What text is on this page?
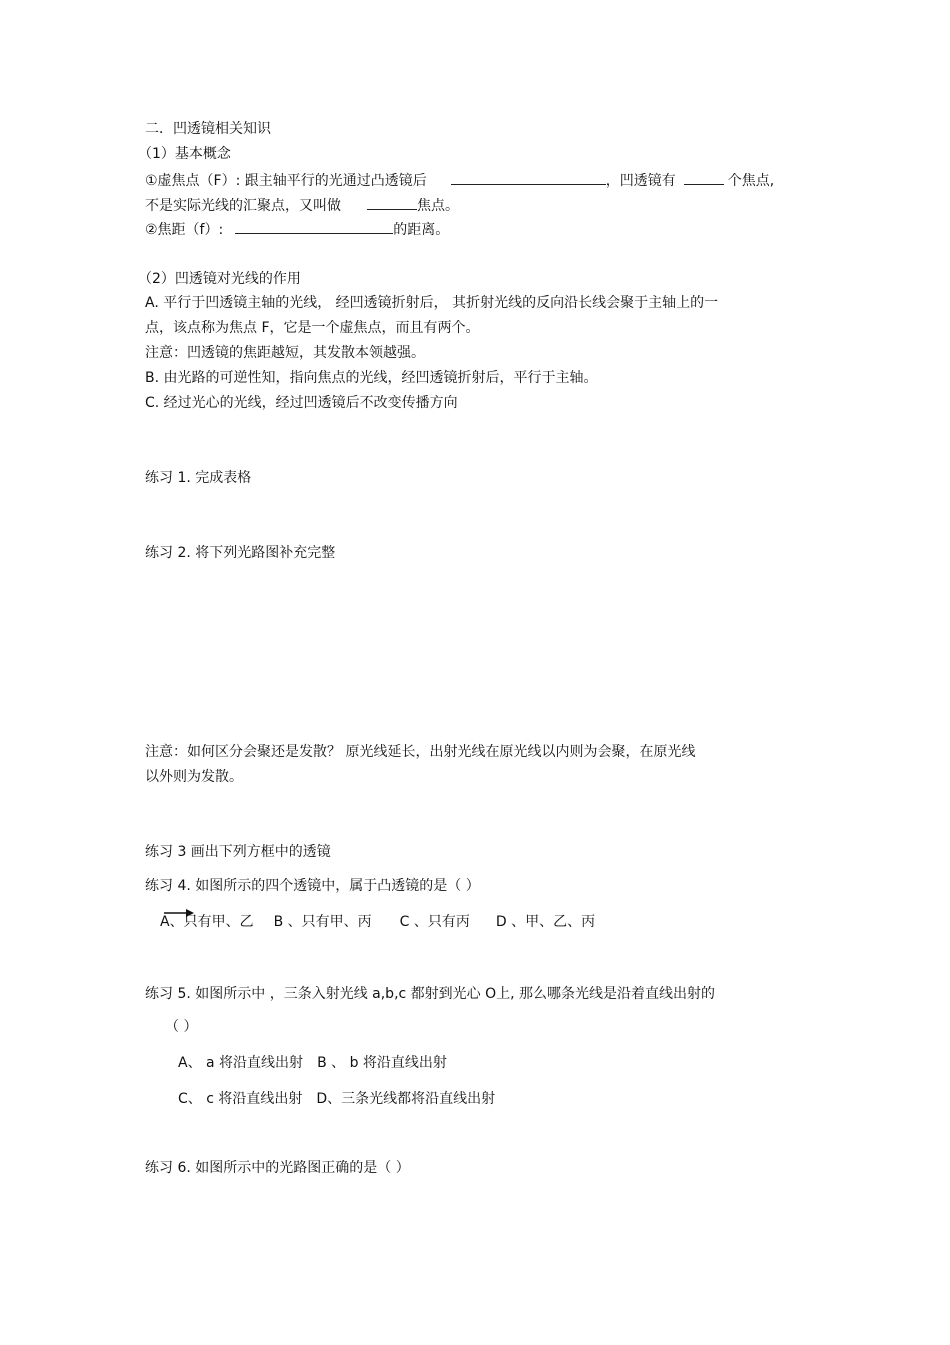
二．凹透镜相关知识
（1）基本概念
①虚焦点（F）: 跟主轴平行的光通过凸透镜后	，凹透镜有	个焦点,
不是实际光线的汇聚点，又叫做	焦点。
②焦距（f）:	的距离。
（2）凹透镜对光线的作用
A. 平行于凹透镜主轴的光线， 经凹透镜折射后， 其折射光线的反向沿长线会聚于主轴上的一
点，该点称为焦点 F，它是一个虚焦点，而且有两个。
注意：凹透镜的焦距越短，其发散本领越强。
B. 由光路的可逆性知，指向焦点的光线，经凹透镜折射后，平行于主轴。
C. 经过光心的光线，经过凹透镜后不改变传播方向
练习 1. 完成表格
练习 2. 将下列光路图补充完整
注意：如何区分会聚还是发散？ 原光线延长，出射光线在原光线以内则为会聚，在原光线
以外则为发散。
练习 3 画出下列方框中的透镜
练习 4. 如图所示的四个透镜中，属于凸透镜的是（ ）
A、只有甲、乙 B 、只有甲、丙 C 、只有丙 D 、甲、乙、丙
练习 5. 如图所示中 ，三条入射光线 a,b,c 都射到光心 O上, 那么哪条光线是沿着直线出射的
（ ）
A、 a 将沿直线出射 B 、 b 将沿直线出射
C、 c 将沿直线出射 D、三条光线都将沿直线出射
练习 6. 如图所示中的光路图正确的是（ ）
